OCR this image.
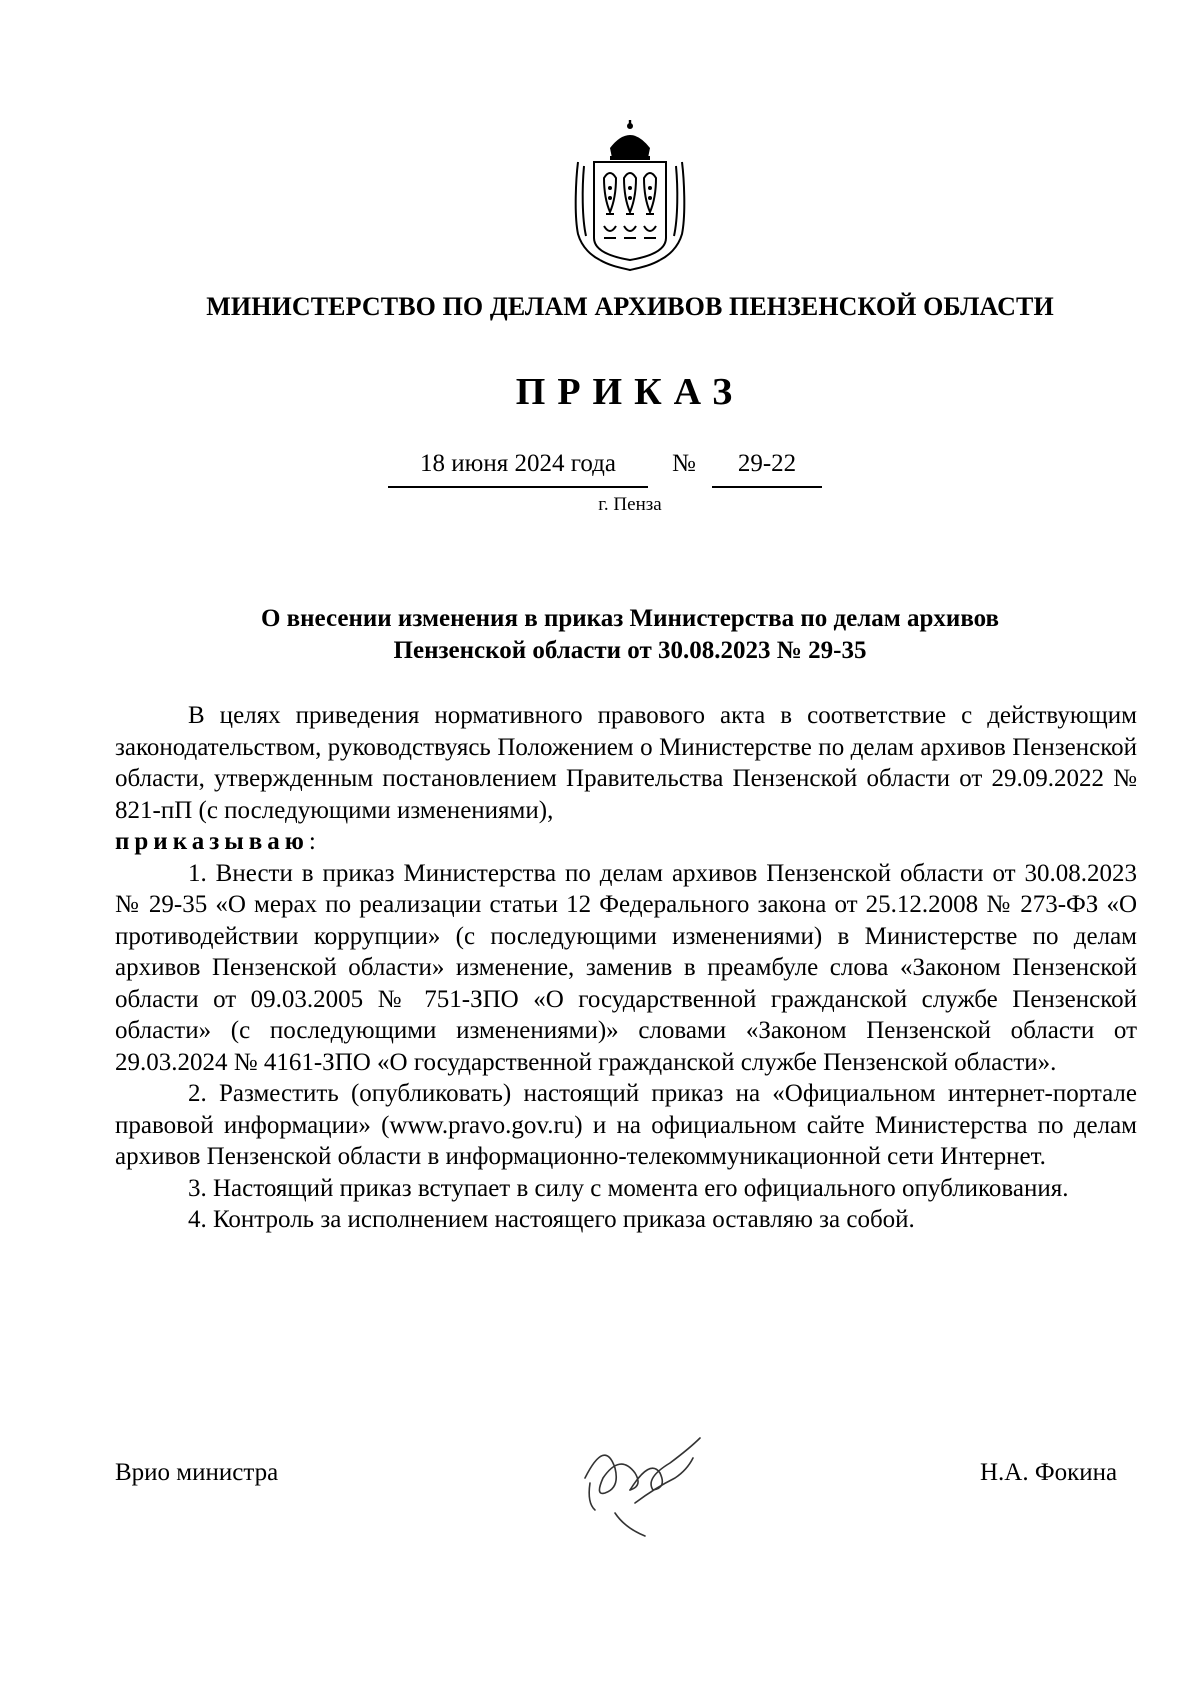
МИНИСТЕРСТВО ПО ДЕЛАМ АРХИВОВ ПЕНЗЕНСКОЙ ОБЛАСТИ
ПРИКАЗ
18 июня 2024 года	№	29-22
г. Пенза
О внесении изменения в приказ Министерства по делам архивов
Пензенской области от 30.08.2023 № 29-35

В целях приведения нормативного правового акта в соответствие с действующим законодательством, руководствуясь Положением о Министерстве по делам архивов Пензенской области, утвержденным постановлением Правительства Пензенской области от 29.09.2022 № 821-пП (с последующими изменениями),

приказываю:

1. Внести в приказ Министерства по делам архивов Пензенской области от 30.08.2023 № 29-35 «О мерах по реализации статьи 12 Федерального закона от 25.12.2008 № 273-ФЗ «О противодействии коррупции» (с последующими изменениями) в Министерстве по делам архивов Пензенской области» изменение, заменив в преамбуле слова «Законом Пензенской области от 09.03.2005 № 751-ЗПО «О государственной гражданской службе Пензенской области» (с последующими изменениями)» словами «Законом Пензенской области от 29.03.2024 № 4161-ЗПО «О государственной гражданской службе Пензенской области».

2. Разместить (опубликовать) настоящий приказ на «Официальном интернет-портале правовой информации» (www.pravo.gov.ru) и на официальном сайте Министерства по делам архивов Пензенской области в информационно-телекоммуникационной сети Интернет.

3. Настоящий приказ вступает в силу с момента его официального опубликования.

4. Контроль за исполнением настоящего приказа оставляю за собой.

Врио министра	Н.А. Фокина
